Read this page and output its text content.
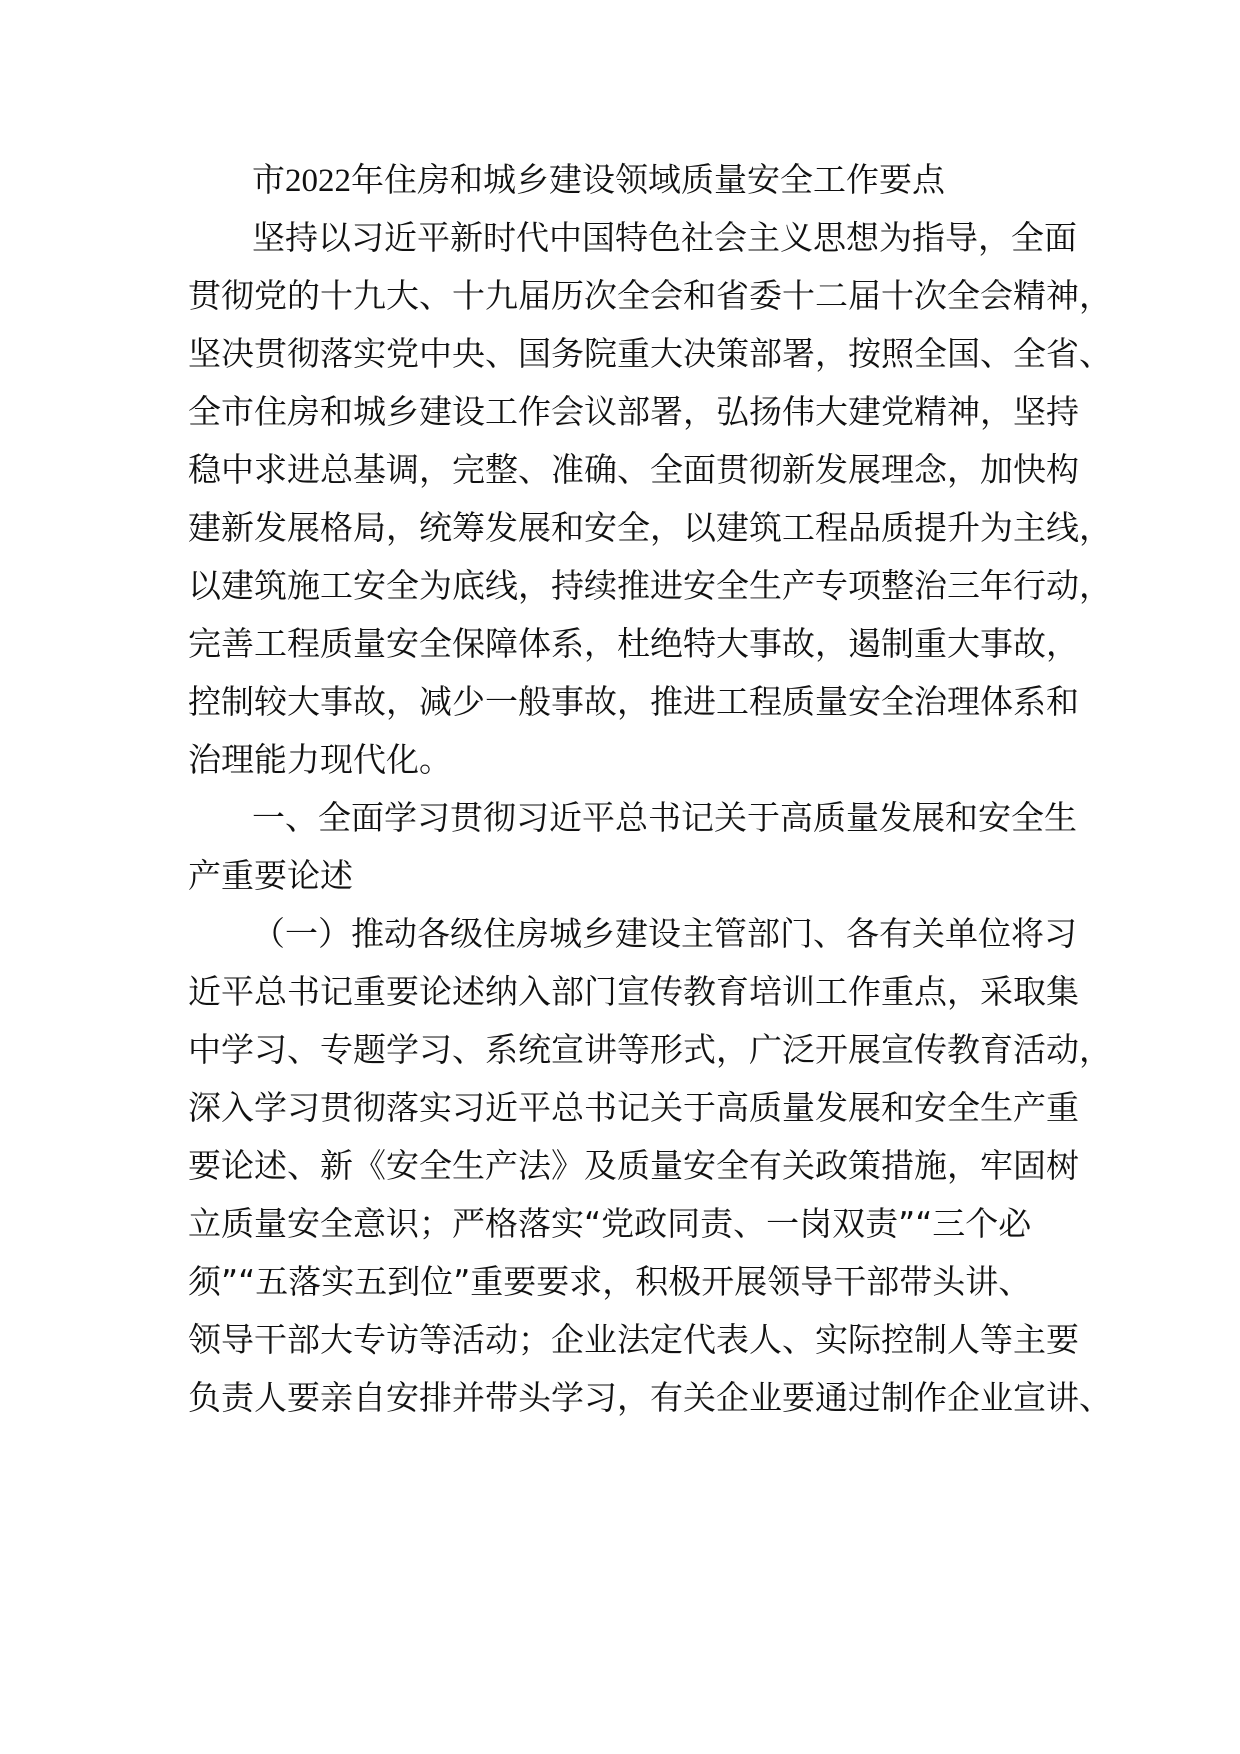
市2022年住房和城乡建设领域质量安全工作要点
坚持以习近平新时代中国特色社会主义思想为指导，全面
贯彻党的十九大、十九届历次全会和省委十二届十次全会精神，
坚决贯彻落实党中央、国务院重大决策部署，按照全国、全省、
全市住房和城乡建设工作会议部署，弘扬伟大建党精神，坚持
稳中求进总基调，完整、准确、全面贯彻新发展理念，加快构
建新发展格局，统筹发展和安全，以建筑工程品质提升为主线，
以建筑施工安全为底线，持续推进安全生产专项整治三年行动，
完善工程质量安全保障体系，杜绝特大事故，遏制重大事故，
控制较大事故，减少一般事故，推进工程质量安全治理体系和
治理能力现代化。
一、全面学习贯彻习近平总书记关于高质量发展和安全生
产重要论述
（一）推动各级住房城乡建设主管部门、各有关单位将习
近平总书记重要论述纳入部门宣传教育培训工作重点，采取集
中学习、专题学习、系统宣讲等形式，广泛开展宣传教育活动，
深入学习贯彻落实习近平总书记关于高质量发展和安全生产重
要论述、新《安全生产法》及质量安全有关政策措施，牢固树
立质量安全意识；严格落实“党政同责、一岗双责”“三个必
须”“五落实五到位”重要要求，积极开展领导干部带头讲、
领导干部大专访等活动；企业法定代表人、实际控制人等主要
负责人要亲自安排并带头学习，有关企业要通过制作企业宣讲、
